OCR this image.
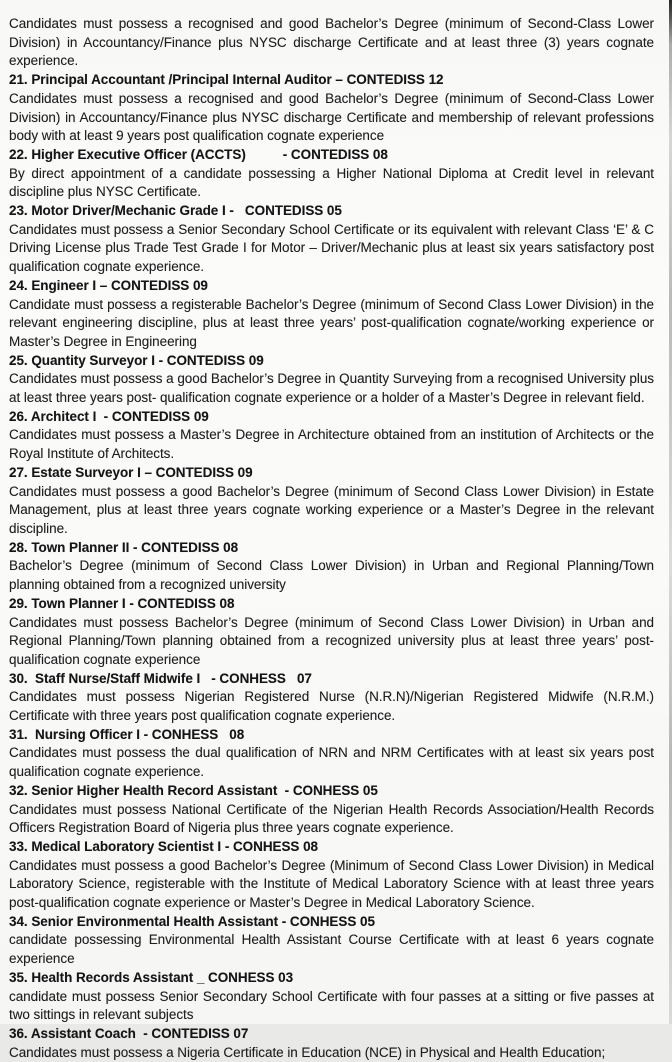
Candidates must possess a recognised and good Bachelor’s Degree (minimum of Second-Class Lower Division) in Accountancy/Finance plus NYSC discharge Certificate and at least three (3) years cognate experience.

21. Principal Accountant /Principal Internal Auditor – CONTEDISS 12

Candidates must possess a recognised and good Bachelor’s Degree (minimum of Second-Class Lower Division) in Accountancy/Finance plus NYSC discharge Certificate and membership of relevant professions body with at least 9 years post qualification cognate experience

22. Higher Executive Officer (ACCTS)          - CONTEDISS 08

By direct appointment of a candidate possessing a Higher National Diploma at Credit level in relevant discipline plus NYSC Certificate.

23. Motor Driver/Mechanic Grade I -   CONTEDISS 05

Candidates must possess a Senior Secondary School Certificate or its equivalent with relevant Class ‘E’ & C Driving License plus Trade Test Grade I for Motor – Driver/Mechanic plus at least six years satisfactory post qualification cognate experience.

24. Engineer I – CONTEDISS 09

Candidate must possess a registerable Bachelor’s Degree (minimum of Second Class Lower Division) in the relevant engineering discipline, plus at least three years’ post-qualification cognate/working experience or Master’s Degree in Engineering

25. Quantity Surveyor I - CONTEDISS 09

Candidates must possess a good Bachelor’s Degree in Quantity Surveying from a recognised University plus at least three years post- qualification cognate experience or a holder of a Master’s Degree in relevant field.

26. Architect I  - CONTEDISS 09

Candidates must possess a Master’s Degree in Architecture obtained from an institution of Architects or the Royal Institute of Architects.

27. Estate Surveyor I – CONTEDISS 09

Candidates must possess a good Bachelor’s Degree (minimum of Second Class Lower Division) in Estate Management, plus at least three years cognate working experience or a Master’s Degree in the relevant discipline.

28. Town Planner II - CONTEDISS 08

Bachelor’s Degree (minimum of Second Class Lower Division) in Urban and Regional Planning/Town planning obtained from a recognized university

29. Town Planner I - CONTEDISS 08

Candidates must possess Bachelor’s Degree (minimum of Second Class Lower Division) in Urban and Regional Planning/Town planning obtained from a recognized university plus at least three years’ post-qualification cognate experience

30.  Staff Nurse/Staff Midwife I   - CONHESS   07

Candidates must possess Nigerian Registered Nurse (N.R.N)/Nigerian Registered Midwife (N.R.M.) Certificate with three years post qualification cognate experience.

31.  Nursing Officer I - CONHESS   08

Candidates must possess the dual qualification of NRN and NRM Certificates with at least six years post qualification cognate experience.

32. Senior Higher Health Record Assistant  - CONHESS 05

Candidates must possess National Certificate of the Nigerian Health Records Association/Health Records Officers Registration Board of Nigeria plus three years cognate experience.

33. Medical Laboratory Scientist I - CONHESS 08

Candidates must possess a good Bachelor’s Degree (Minimum of Second Class Lower Division) in Medical Laboratory Science, registerable with the Institute of Medical Laboratory Science with at least three years post-qualification cognate experience or Master’s Degree in Medical Laboratory Science.

34. Senior Environmental Health Assistant - CONHESS 05

candidate possessing Environmental Health Assistant Course Certificate with at least 6 years cognate experience

35. Health Records Assistant _ CONHESS 03

candidate must possess Senior Secondary School Certificate with four passes at a sitting or five passes at two sittings in relevant subjects

36. Assistant Coach  - CONTEDISS 07

Candidates must possess a Nigeria Certificate in Education (NCE) in Physical and Health Education;
